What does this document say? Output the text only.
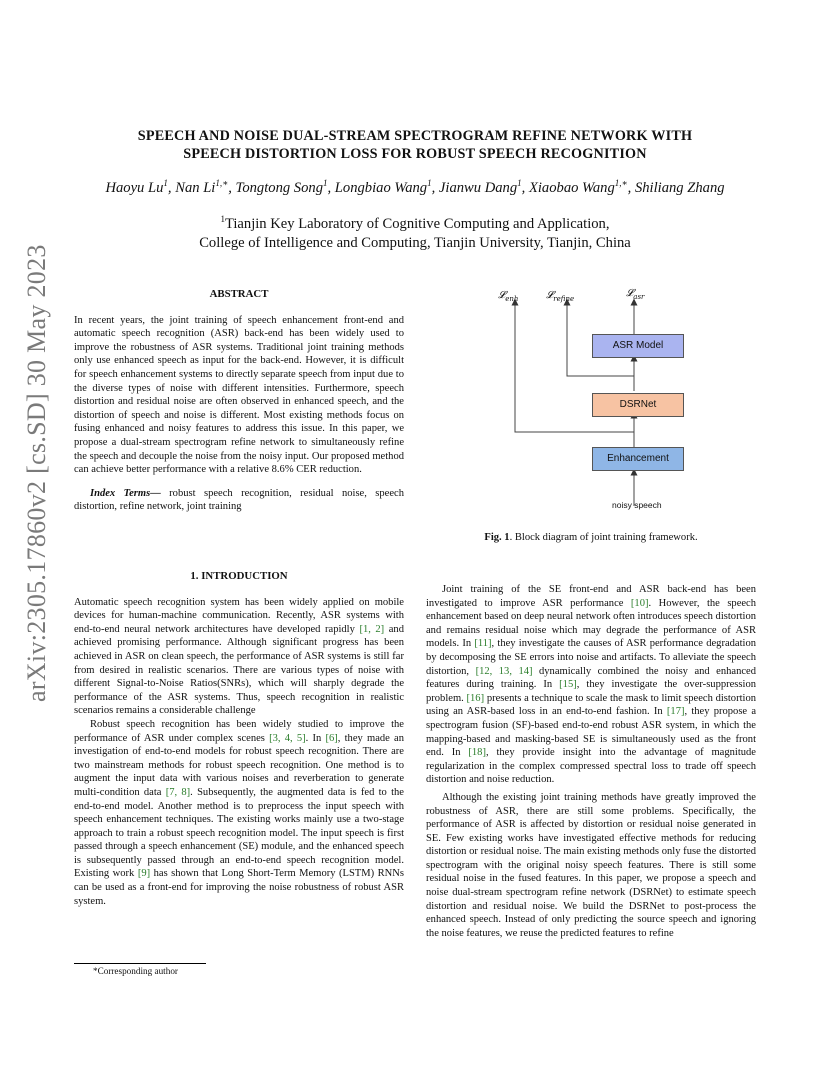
arXiv:2305.17860v2 [cs.SD] 30 May 2023
SPEECH AND NOISE DUAL-STREAM SPECTROGRAM REFINE NETWORK WITH
SPEECH DISTORTION LOSS FOR ROBUST SPEECH RECOGNITION
Haoyu Lu$^1$, Nan $Li^{1,∗}$, Tongtong Song$^1$, Longbiao Wang$^1$, Jianwu Dang$^1$, Xiaobao Wang$^{1,∗}$, Shiliang Zhang
$^1$Tianjin Key Laboratory of Cognitive Computing and Application,
College of Intelligence and Computing, Tianjin University, Tianjin, China

ABSTRACT

In recent years, the joint training of speech enhancement front-end and automatic speech recognition (ASR) back-end has been widely used to improve the robustness of ASR systems. Traditional joint training methods only use enhanced speech as input for the back-end. However, it is difficult for speech enhancement systems to directly separate speech from input due to the diverse types of noise with different intensities. Furthermore, speech distortion and residual noise are often observed in enhanced speech, and the distortion of speech and noise is different. Most existing methods focus on fusing enhanced and noisy features to address this issue. In this paper, we propose a dual-stream spectrogram refine network to simultaneously refine the speech and decouple the noise from the noisy input. Our proposed method can achieve better performance with a relative 8.6% CER reduction.

Index Terms— robust speech recognition, residual noise, speech distortion, refine network, joint training

1. INTRODUCTION

Automatic speech recognition system has been widely applied on mobile devices for human-machine communication. Recently, ASR systems with end-to-end neural network architectures have developed rapidly [1, 2] and achieved promising performance. Although significant progress has been achieved in ASR on clean speech, the performance of ASR systems is still far from desired in realistic scenarios. There are various types of noise with different Signal-to-Noise Ratios(SNRs), which will sharply degrade the performance of the ASR systems. Thus, speech recognition in realistic scenarios remains a considerable challenge

Robust speech recognition has been widely studied to improve the performance of ASR under complex scenes [3, 4, 5]. In [6], they made an investigation of end-to-end models for robust speech recognition. There are two mainstream methods for robust speech recognition. One method is to augment the input data with various noises and reverberation to generate multi-condition data [7, 8]. Subsequently, the augmented data is fed to the end-to-end model. Another method is to preprocess the input speech with speech enhancement techniques. The existing works mainly use a two-stage approach to train a robust speech recognition model. The input speech is first passed through a speech enhancement (SE) module, and the enhanced speech is subsequently passed through an end-to-end speech recognition model. Existing work [9] has shown that Long Short-Term Memory (LSTM) RNNs can be used as a front-end for improving the noise robustness of robust ASR system.

*Corresponding author
𝓛$_{enh}$	𝓛$_{refine}$	𝓛$_{asr}$
ASR Model
DSRNet
Enhancement
noisy speech
Fig. 1. Block diagram of joint training framework.

Joint training of the SE front-end and ASR back-end has been investigated to improve ASR performance [10]. However, the speech enhancement based on deep neural network often introduces speech distortion and remains residual noise which may degrade the performance of ASR models. In [11], they investigate the causes of ASR performance degradation by decomposing the SE errors into noise and artifacts. To alleviate the speech distortion, [12, 13, 14] dynamically combined the noisy and enhanced features during training. In [15], they investigate the over-suppression problem. [16] presents a technique to scale the mask to limit speech distortion using an ASR-based loss in an end-to-end fashion. In [17], they propose a spectrogram fusion (SF)-based end-to-end robust ASR system, in which the mapping-based and masking-based SE is simultaneously used as the front end. In [18], they provide insight into the advantage of magnitude regularization in the complex compressed spectral loss to trade off speech distortion and noise reduction.

Although the existing joint training methods have greatly improved the robustness of ASR, there are still some problems. Specifically, the performance of ASR is affected by distortion or residual noise generated in SE. Few existing works have investigated effective methods for reducing distortion or residual noise. The main existing methods only fuse the distorted spectrogram with the original noisy speech features. There is still some residual noise in the fused features. In this paper, we propose a speech and noise dual-stream spectrogram refine network (DSRNet) to estimate speech distortion and residual noise. We build the DSRNet to post-process the enhanced speech. Instead of only predicting the source speech and ignoring the noise features, we reuse the predicted features to refine
